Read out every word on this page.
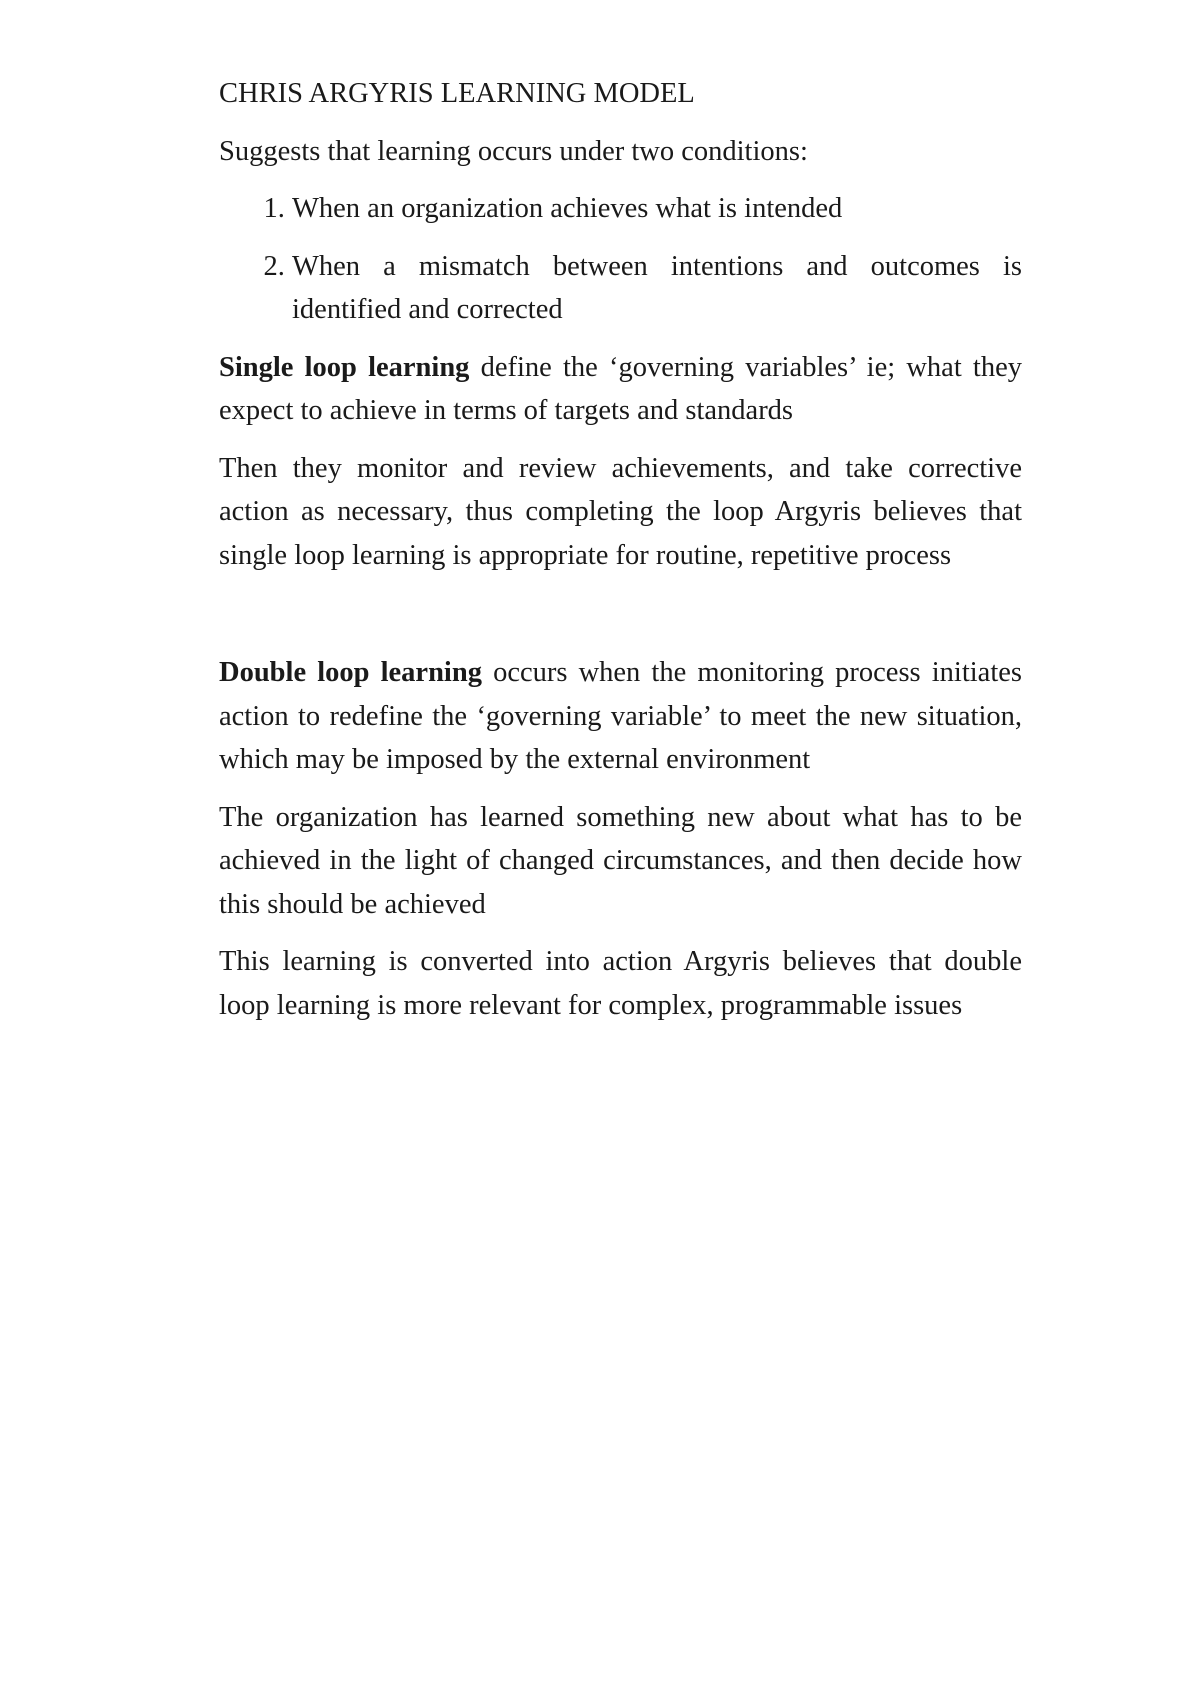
CHRIS ARGYRIS LEARNING MODEL

Suggests that learning occurs under two conditions:

1. When an organization achieves what is intended
2. When a mismatch between intentions and outcomes is identified and corrected

Single loop learning define the ‘governing variables’ ie; what they expect to achieve in terms of targets and standards

Then they monitor and review achievements, and take corrective action as necessary, thus completing the loop Argyris believes that single loop learning is appropriate for routine, repetitive process

Double loop learning occurs when the monitoring process initiates action to redefine the ‘governing variable’ to meet the new situation, which may be imposed by the external environment

The organization has learned something new about what has to be achieved in the light of changed circumstances, and then decide how this should be achieved

This learning is converted into action Argyris believes that double loop learning is more relevant for complex, programmable issues
